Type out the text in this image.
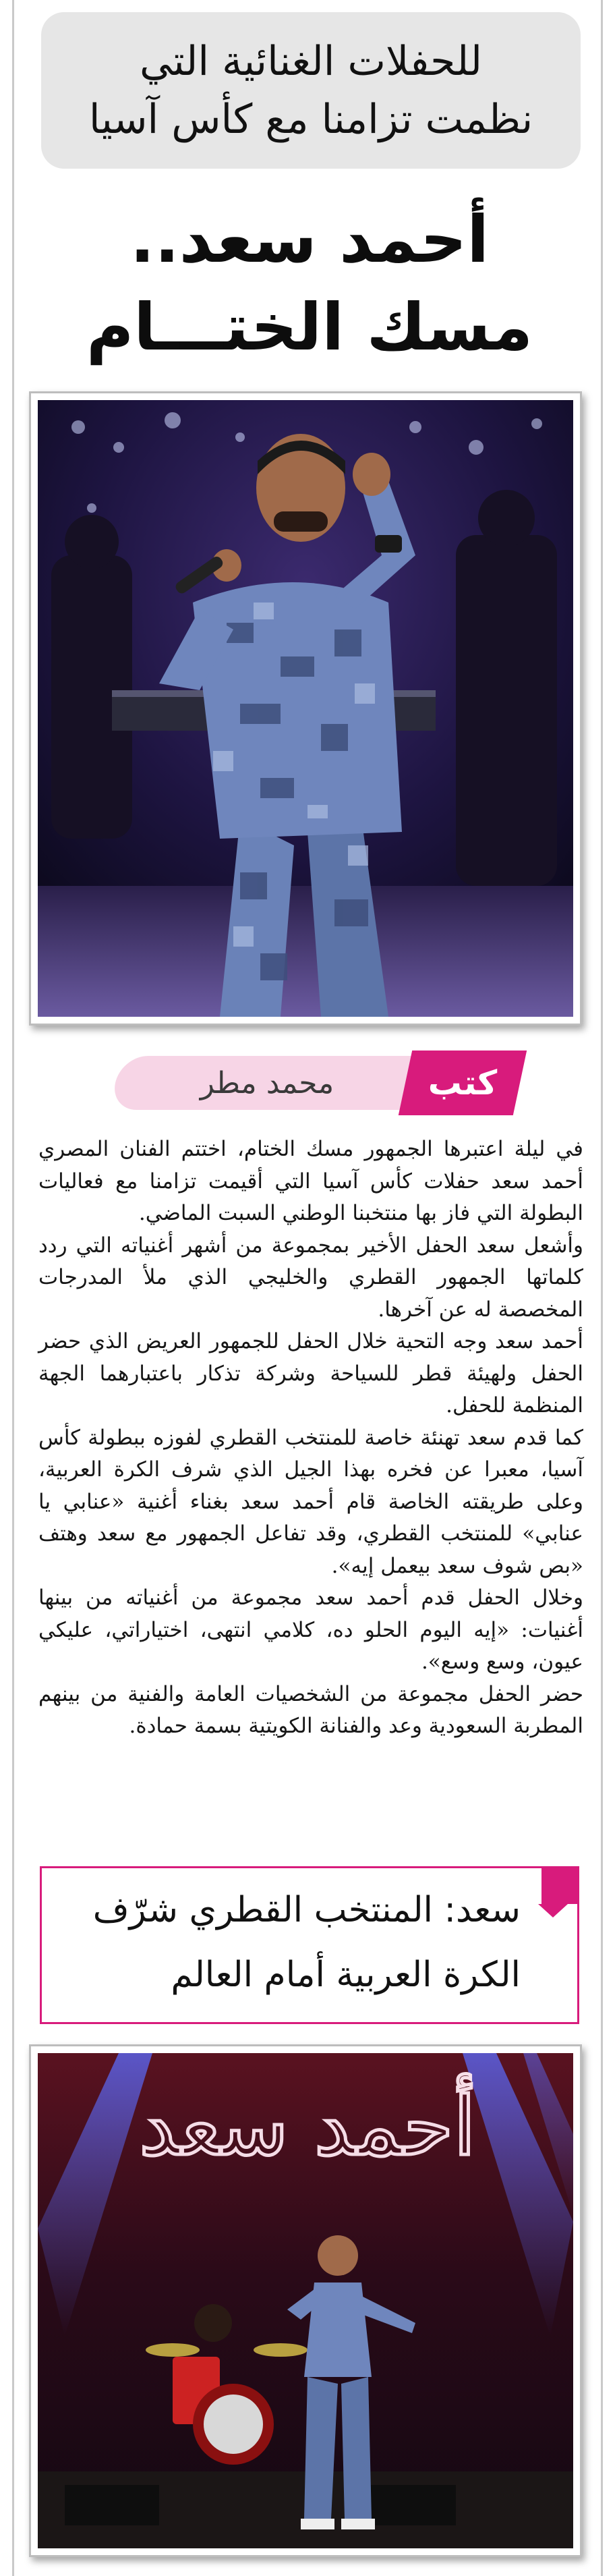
للحفلات الغنائية التي
نظمت تزامنا مع كأس آسيا
أحمد سعد..
مسك الختـــام
محمد مطر	كتب

في ليلة اعتبرها الجمهور مسك الختام، اختتم الفنان المصري أحمد سعد حفلات كأس آسيا التي أقيمت تزامنا مع فعاليات البطولة التي فاز بها منتخبنا الوطني السبت الماضي.

وأشعل سعد الحفل الأخير بمجموعة من أشهر أغنياته التي ردد كلماتها الجمهور القطري والخليجي الذي ملأ المدرجات المخصصة له عن آخرها.

أحمد سعد وجه التحية خلال الحفل للجمهور العريض الذي حضر الحفل ولهيئة قطر للسياحة وشركة تذكار باعتبارهما الجهة المنظمة للحفل.

كما قدم سعد تهنئة خاصة للمنتخب القطري لفوزه ببطولة كأس آسيا، معبرا عن فخره بهذا الجيل الذي شرف الكرة العربية، وعلى طريقته الخاصة قام أحمد سعد بغناء أغنية «عنابي يا عنابي» للمنتخب القطري، وقد تفاعل الجمهور مع سعد وهتف «بص شوف سعد بيعمل إيه».

وخلال الحفل قدم أحمد سعد مجموعة من أغنياته من بينها أغنيات: «إيه اليوم الحلو ده، كلامي انتهى، اختياراتي، عليكي عيون، وسع وسع».

حضر الحفل مجموعة من الشخصيات العامة والفنية من بينهم المطربة السعودية وعد والفنانة الكويتية بسمة حمادة.

سعد: المنتخب القطري شرّف الكرة العربية أمام العالم
أحمد سعد
